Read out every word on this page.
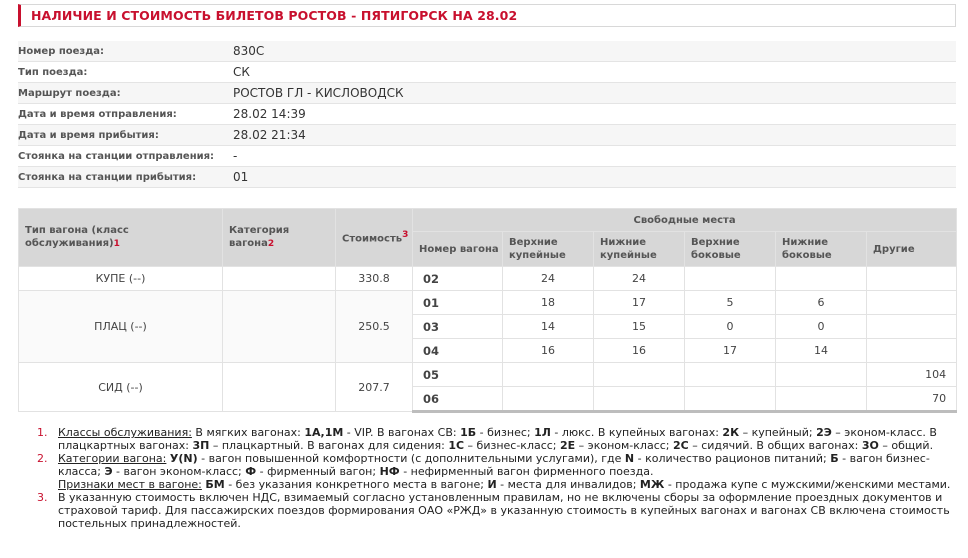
НАЛИЧИЕ И СТОИМОСТЬ БИЛЕТОВ РОСТОВ - ПЯТИГОРСК НА 28.02
Номер поезда:	830С
Тип поезда:	СК
Маршрут поезда:	РОСТОВ ГЛ - КИСЛОВОДСК
Дата и время отправления:	28.02 14:39
Дата и время прибытия:	28.02 21:34
Стоянка на станции отправления:	-
Стоянка на станции прибытия:	01
Тип вагона (класс обслуживания)1	Категория вагона2	Стоимость$^3$	Свободные места					
			Номер вагона	Верхние купейные	Нижние купейные	Верхние боковые	Нижние боковые	Другие
КУПЕ (--)		330.8	02	24	24			
ПЛАЦ (--)		250.5	01	18	17	5	6	
			03	14	15	0	0	
			04	16	16	17	14	
СИД (--)		207.7	05					104
			06					70
1. Классы обслуживания: В мягких вагонах: 1А,1М - VIP. В вагонах СВ: 1Б - бизнес; 1Л - люкс. В купейных вагонах: 2К – купейный; 2Э – эконом-класс. В плацкартных вагонах: 3П – плацкартный. В вагонах для сидения: 1С – бизнес-класс; 2Е – эконом-класс; 2С – сидячий. В общих вагонах: 3О – общий.
2. Категории вагона: У(N) - вагон повышенной комфортности (с дополнительными услугами), где N - количество рационов питаний; Б - вагон бизнес-класса; Э - вагон эконом-класс; Ф - фирменный вагон; НФ - нефирменный вагон фирменного поезда.
Признаки мест в вагоне: БМ - без указания конкретного места в вагоне; И - места для инвалидов; МЖ - продажа купе с мужскими/женскими местами.
3. В указанную стоимость включен НДС, взимаемый согласно установленным правилам, но не включены сборы за оформление проездных документов и страховой тариф. Для пассажирских поездов формирования ОАО «РЖД» в указанную стоимость в купейных вагонах и вагонах СВ включена стоимость постельных принадлежностей.
